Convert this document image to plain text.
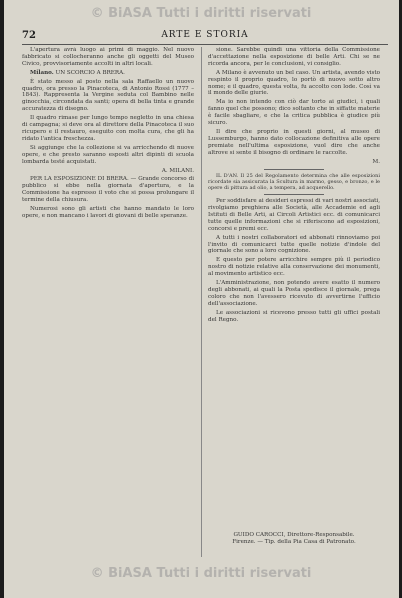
© BiASA Tutti i diritti riservati
72	ARTE E STORIA

L'apertura avrà luogo ai primi di maggio. Nel nuovo fabbricato si collocheranno anche gli oggetti del Museo Civico, provvisoriamente accolti in altri locali.

Milano. UN SCORCIO A BRERA.

È stato messo al posto nella sala Raffaello un nuovo quadro, ora presso la Pinacoteca, di Antonio Rossi (1777 – 1843). Rappresenta la Vergine seduta col Bambino nelle ginocchia, circondata da santi; opera di bella tinta e grande accuratezza di disegno.

Il quadro rimase per lungo tempo negletto in una chiesa di campagna; si deve ora al direttore della Pinacoteca il suo ricupero e il restauro, eseguito con molta cura, che gli ha ridato l'antica freschezza.

Si aggiunge che la collezione si va arricchendo di nuove opere, e che presto saranno esposti altri dipinti di scuola lombarda testé acquistati.

A. MILANI.

PER LA ESPOSIZIONE DI BRERA. — Grande concorso di pubblico si ebbe nella giornata d'apertura, e la Commissione ha espresso il voto che si possa prolungare il termine della chiusura.

Numerosi sono gli artisti che hanno mandato le loro opere, e non mancano i lavori di giovani di belle speranze.

sione. Sarebbe quindi una vittoria della Commissione d'accettazione nella esposizione di belle Arti. Chi se ne ricorda ancora, per le conclusioni, vi consiglio.

A Milano è avvenuto un bel caso. Un artista, avendo visto respinto il proprio quadro, lo portò di nuovo sotto altro nome; e il quadro, questa volta, fu accolto con lode. Così va il mondo delle giurie.

Ma io non intendo con ciò dar torto ai giudici, i quali fanno quel che possono; dico soltanto che in siffatte materie è facile sbagliare, e che la critica pubblica è giudice più sicuro.

Il dire che proprio in questi giorni, al museo di Lussemburgo, hanno dato collocazione definitiva alle opere premiate nell'ultima esposizione, vuol dire che anche altrove si sente il bisogno di ordinare le raccolte.

M.

IL D'AN. Il 25 del Regolamento determina che alle esposizioni ricordate sia assicurata la Scultura in marmo, gesso, e bronzo, e le opere di pittura ad olio, a tempera, ad acquerello.

Per soddisfare ai desideri espressi di vari nostri associati, rivolgiamo preghiera alle Società, alle Accademie ed agli Istituti di Belle Arti, ai Circoli Artistici ecc. di comunicarci tutte quelle informazioni che si riferiscono ad esposizioni, concorsi e premi ecc.

A tutti i nostri collaboratori ed abbonati rinnoviamo poi l'invito di comunicarci tutte quelle notizie d'indole del giornale che sono a loro cognizione.

E questo per potere arricchire sempre più il periodico nostro di notizie relative alla conservazione dei monumenti, al movimento artistico ecc.

L'Amministrazione, non potendo avere esatto il numero degli abbonati, ai quali la Posta spedisce il giornale, prega coloro che non l'avessero ricevuto di avvertirne l'ufficio dell'associazione.

Le associazioni si ricevono presso tutti gli uffici postali del Regno.

GUIDO CAROCCI, Direttore-Responsabile.
Firenze. — Tip. della Pia Casa di Patronato.
© BiASA Tutti i diritti riservati
